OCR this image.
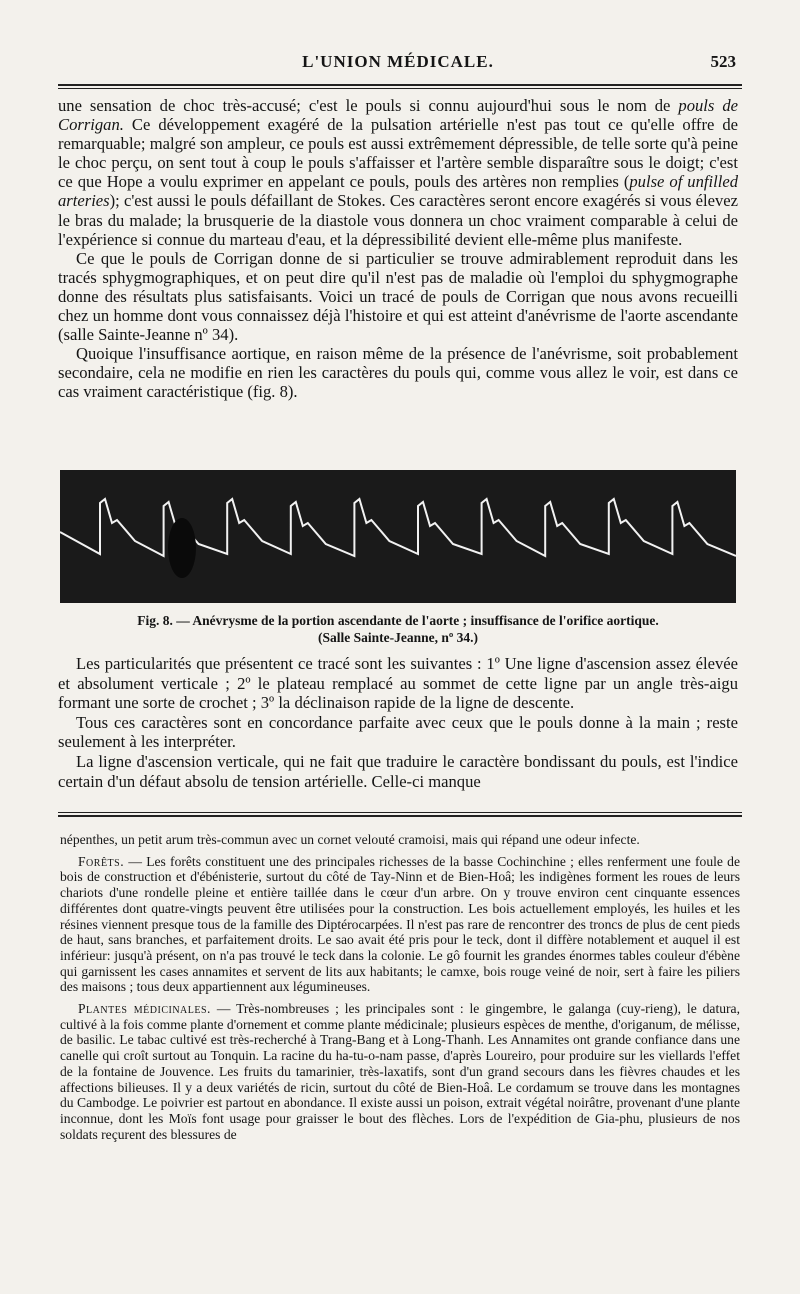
L'UNION MÉDICALE.	523

une sensation de choc très-accusé; c'est le pouls si connu aujourd'hui sous le nom de pouls de Corrigan. Ce développement exagéré de la pulsation artérielle n'est pas tout ce qu'elle offre de remarquable; malgré son ampleur, ce pouls est aussi extrêmement dépressible, de telle sorte qu'à peine le choc perçu, on sent tout à coup le pouls s'affaisser et l'artère semble disparaître sous le doigt; c'est ce que Hope a voulu exprimer en appelant ce pouls, pouls des artères non remplies (pulse of unfilled arteries); c'est aussi le pouls défaillant de Stokes. Ces caractères seront encore exagérés si vous élevez le bras du malade; la brusquerie de la diastole vous donnera un choc vraiment comparable à celui de l'expérience si connue du marteau d'eau, et la dépressibilité devient elle-même plus manifeste.

Ce que le pouls de Corrigan donne de si particulier se trouve admirablement reproduit dans les tracés sphygmographiques, et on peut dire qu'il n'est pas de maladie où l'emploi du sphygmographe donne des résultats plus satisfaisants. Voici un tracé de pouls de Corrigan que nous avons recueilli chez un homme dont vous connaissez déjà l'histoire et qui est atteint d'anévrisme de l'aorte ascendante (salle Sainte-Jeanne nº 34).

Quoique l'insuffisance aortique, en raison même de la présence de l'anévrisme, soit probablement secondaire, cela ne modifie en rien les caractères du pouls qui, comme vous allez le voir, est dans ce cas vraiment caractéristique (fig. 8).

Fig. 8. — Anévrysme de la portion ascendante de l'aorte ; insuffisance de l'orifice aortique.
(Salle Sainte-Jeanne, nº 34.)

Les particularités que présentent ce tracé sont les suivantes : 1º Une ligne d'ascension assez élevée et absolument verticale ; 2º le plateau remplacé au sommet de cette ligne par un angle très-aigu formant une sorte de crochet ; 3º la déclinaison rapide de la ligne de descente.

Tous ces caractères sont en concordance parfaite avec ceux que le pouls donne à la main ; reste seulement à les interpréter.

La ligne d'ascension verticale, qui ne fait que traduire le caractère bondissant du pouls, est l'indice certain d'un défaut absolu de tension artérielle. Celle-ci manque

népenthes, un petit arum très-commun avec un cornet velouté cramoisi, mais qui répand une odeur infecte.

Forêts. — Les forêts constituent une des principales richesses de la basse Cochinchine ; elles renferment une foule de bois de construction et d'ébénisterie, surtout du côté de Tay-Ninn et de Bien-Hoâ; les indigènes forment les roues de leurs chariots d'une rondelle pleine et entière taillée dans le cœur d'un arbre. On y trouve environ cent cinquante essences différentes dont quatre-vingts peuvent être utilisées pour la construction. Les bois actuellement employés, les huiles et les résines viennent presque tous de la famille des Diptérocarpées. Il n'est pas rare de rencontrer des troncs de plus de cent pieds de haut, sans branches, et parfaitement droits. Le sao avait été pris pour le teck, dont il diffère notablement et auquel il est inférieur: jusqu'à présent, on n'a pas trouvé le teck dans la colonie. Le gô fournit les grandes énormes tables couleur d'ébène qui garnissent les cases annamites et servent de lits aux habitants; le camxe, bois rouge veiné de noir, sert à faire les piliers des maisons ; tous deux appartiennent aux légumineuses.

Plantes médicinales. — Très-nombreuses ; les principales sont : le gingembre, le galanga (cuy-rieng), le datura, cultivé à la fois comme plante d'ornement et comme plante médicinale; plusieurs espèces de menthe, d'origanum, de mélisse, de basilic. Le tabac cultivé est très-recherché à Trang-Bang et à Long-Thanh. Les Annamites ont grande confiance dans une canelle qui croît surtout au Tonquin. La racine du ha-tu-o-nam passe, d'après Loureiro, pour produire sur les viellards l'effet de la fontaine de Jouvence. Les fruits du tamarinier, très-laxatifs, sont d'un grand secours dans les fièvres chaudes et les affections bilieuses. Il y a deux variétés de ricin, surtout du côté de Bien-Hoâ. Le cordamum se trouve dans les montagnes du Cambodge. Le poivrier est partout en abondance. Il existe aussi un poison, extrait végétal noirâtre, provenant d'une plante inconnue, dont les Moïs font usage pour graisser le bout des flèches. Lors de l'expédition de Gia-phu, plusieurs de nos soldats reçurent des blessures de
